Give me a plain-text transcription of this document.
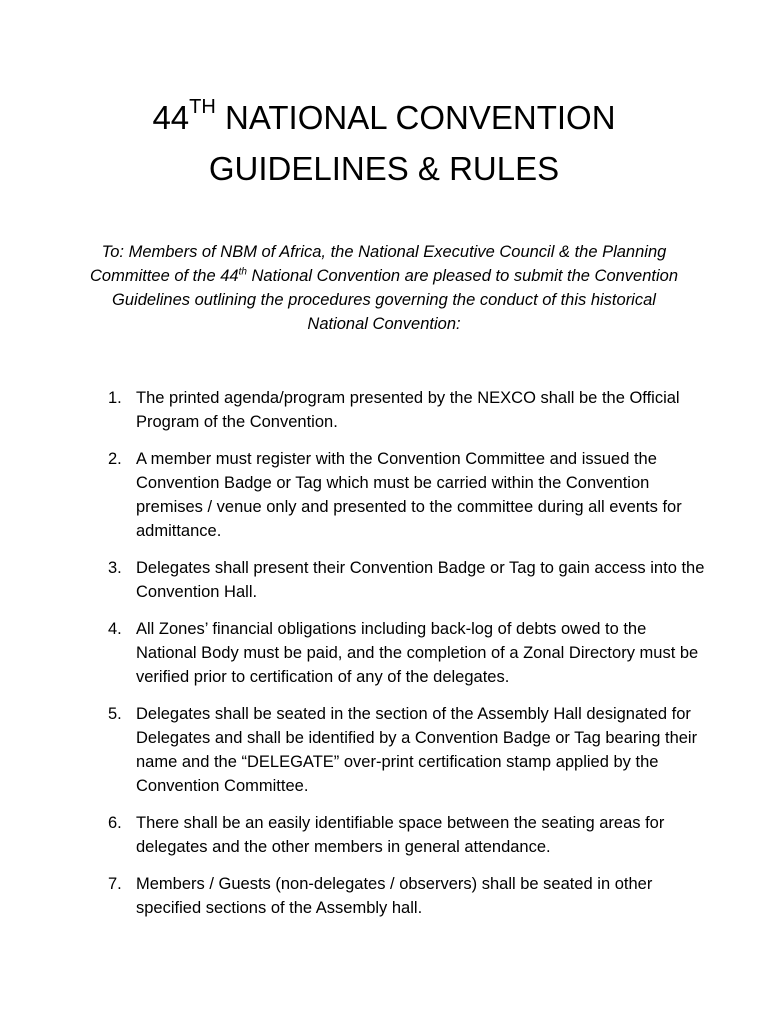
44TH NATIONAL CONVENTION
GUIDELINES & RULES

To: Members of NBM of Africa, the National Executive Council & the Planning Committee of the 44th National Convention are pleased to submit the Convention Guidelines outlining the procedures governing the conduct of this historical National Convention:

1. The printed agenda/program presented by the NEXCO shall be the Official Program of the Convention.
2. A member must register with the Convention Committee and issued the Convention Badge or Tag which must be carried within the Convention premises / venue only and presented to the committee during all events for admittance.
3. Delegates shall present their Convention Badge or Tag to gain access into the Convention Hall.
4. All Zones’ financial obligations including back-log of debts owed to the National Body must be paid, and the completion of a Zonal Directory must be verified prior to certification of any of the delegates.
5. Delegates shall be seated in the section of the Assembly Hall designated for Delegates and shall be identified by a Convention Badge or Tag bearing their name and the “DELEGATE” over-print certification stamp applied by the Convention Committee.
6. There shall be an easily identifiable space between the seating areas for delegates and the other members in general attendance.
7. Members / Guests (non-delegates / observers) shall be seated in other specified sections of the Assembly hall.
